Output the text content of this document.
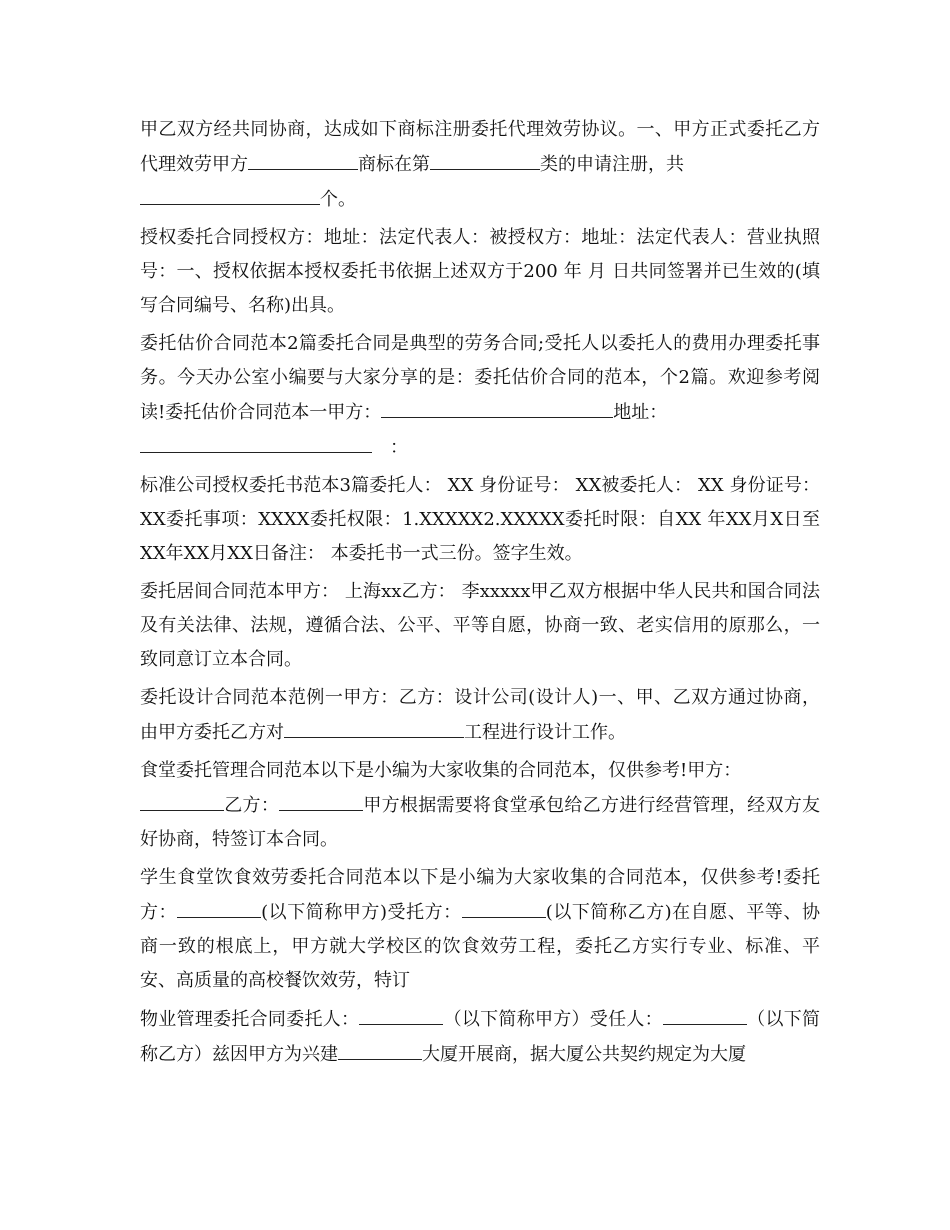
甲乙双方经共同协商，达成如下商标注册委托代理效劳协议。一、甲方正式委托乙方代理效劳甲方	商标在第	类的申请注册，共
个。

授权委托合同授权方：地址：法定代表人：被授权方：地址：法定代表人：营业执照号：一、授权依据本授权委托书依据上述双方于200 年 月 日共同签署并已生效的(填写合同编号、名称)出具。

委托估价合同范本2篇委托合同是典型的劳务合同;受托人以委托人的费用办理委托事务。今天办公室小编要与大家分享的是：委托估价合同的范本，个2篇。欢迎参考阅读!委托估价合同范本一甲方：	地址：
　：

标准公司授权委托书范本3篇委托人： XX 身份证号： XX被委托人： XX 身份证号： XX委托事项：XXXX委托权限：1.XXXXX2.XXXXX委托时限：自XX 年XX月X日至XX年XX月XX日备注： 本委托书一式三份。签字生效。

委托居间合同范本甲方： 上海xx乙方： 李xxxxx甲乙双方根据中华人民共和国合同法及有关法律、法规，遵循合法、公平、平等自愿，协商一致、老实信用的原那么，一致同意订立本合同。

委托设计合同范本范例一甲方：乙方：设计公司(设计人)一、甲、乙双方通过协商，由甲方委托乙方对	工程进行设计工作。

食堂委托管理合同范本以下是小编为大家收集的合同范本，仅供参考!甲方：
乙方：	甲方根据需要将食堂承包给乙方进行经营管理，经双方友好协商，特签订本合同。

学生食堂饮食效劳委托合同范本以下是小编为大家收集的合同范本，仅供参考!委托方：	(以下简称甲方)受托方：	(以下简称乙方)在自愿、平等、协商一致的根底上，甲方就大学校区的饮食效劳工程，委托乙方实行专业、标准、平安、高质量的高校餐饮效劳，特订

物业管理委托合同委托人：	（以下简称甲方）受任人：	（以下简称乙方）兹因甲方为兴建	大厦开展商，据大厦公共契约规定为大厦
